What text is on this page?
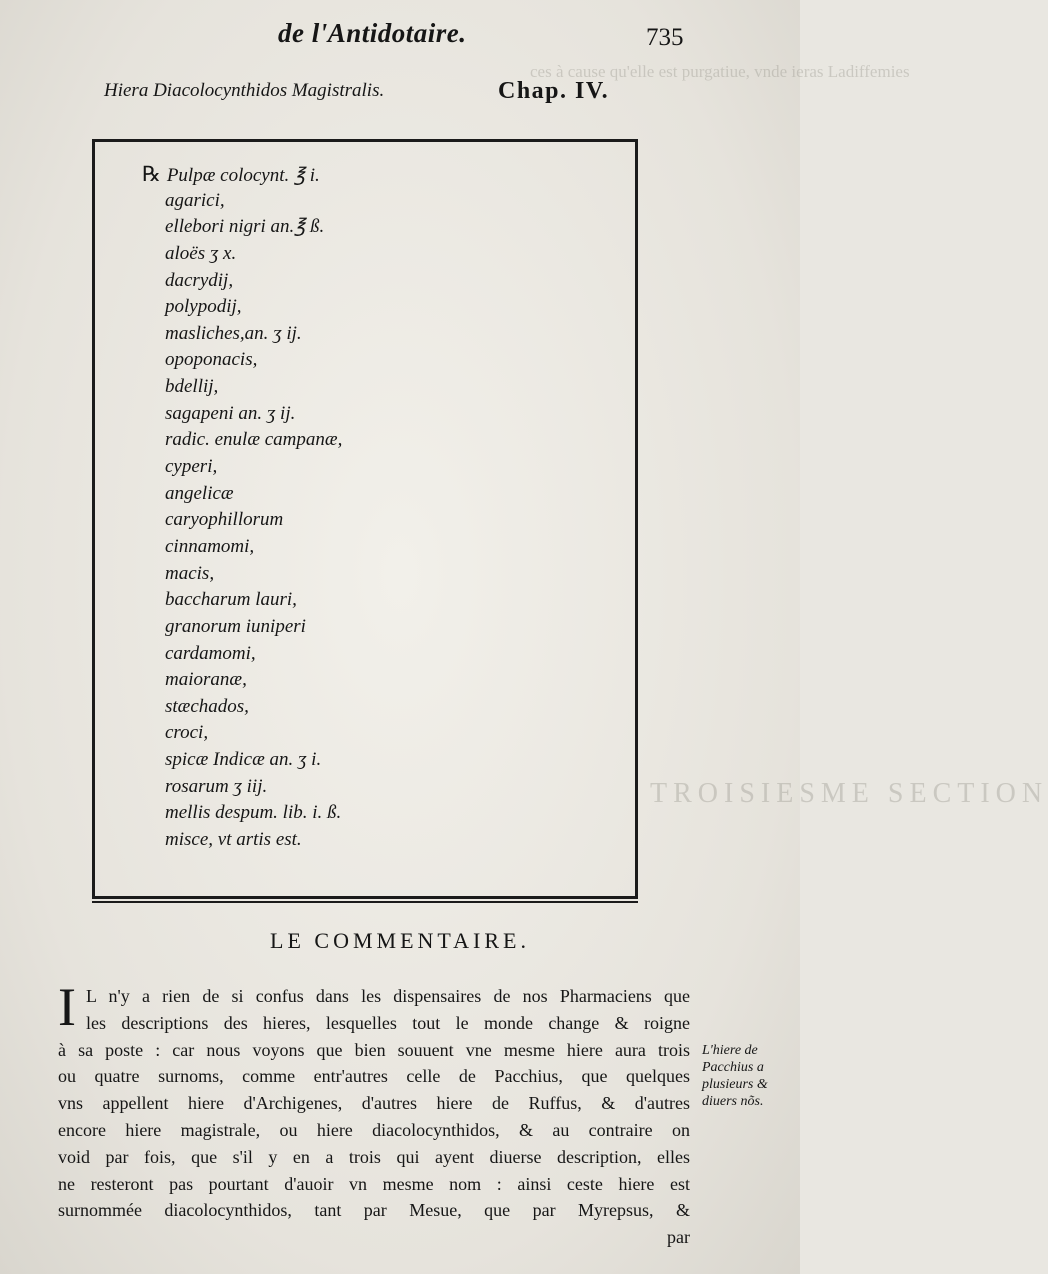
ces à cause qu'elle est purgatiue, vnde ieras Ladiffemies
TROISIESME SECTION
de l'Antidotaire.	735
Hiera Diacolocynthidos Magistralis.	Chap. IV.
℞ Pulpæ colocynt. ℥ i.
agarici,
ellebori nigri an.℥ ß.
aloës ʒ x.
dacrydij,
polypodij,
masliches,an. ʒ ij.
opoponacis,
bdellij,
sagapeni an. ʒ ij.
radic. enulæ campanæ,
cyperi,
angelicæ
caryophillorum
cinnamomi,
macis,
baccharum lauri,
granorum iuniperi
cardamomi,
maioranæ,
stæchados,
croci,
spicæ Indicæ an. ʒ i.
rosarum ʒ iij.
mellis despum. lib. i. ß.
misce, vt artis est.
LE COMMENTAIRE.
I L n'y a rien de si confus dans les dispensaires de nos Pharmaciens que
les descriptions des hieres, lesquelles tout le monde change & roigne
à sa poste : car nous voyons que bien souuent vne mesme hiere aura trois
ou quatre surnoms, comme entr'autres celle de Pacchius, que quelques
vns appellent hiere d'Archigenes, d'autres hiere de Ruffus, & d'autres
encore hiere magistrale, ou hiere diacolocynthidos, & au contraire on
void par fois, que s'il y en a trois qui ayent diuerse description, elles
ne resteront pas pourtant d'auoir vn mesme nom : ainsi ceste hiere est
surnommée diacolocynthidos, tant par Mesue, que par Myrepsus, &
par
L'hiere de
Pacchius a
plusieurs &
diuers nõs.
